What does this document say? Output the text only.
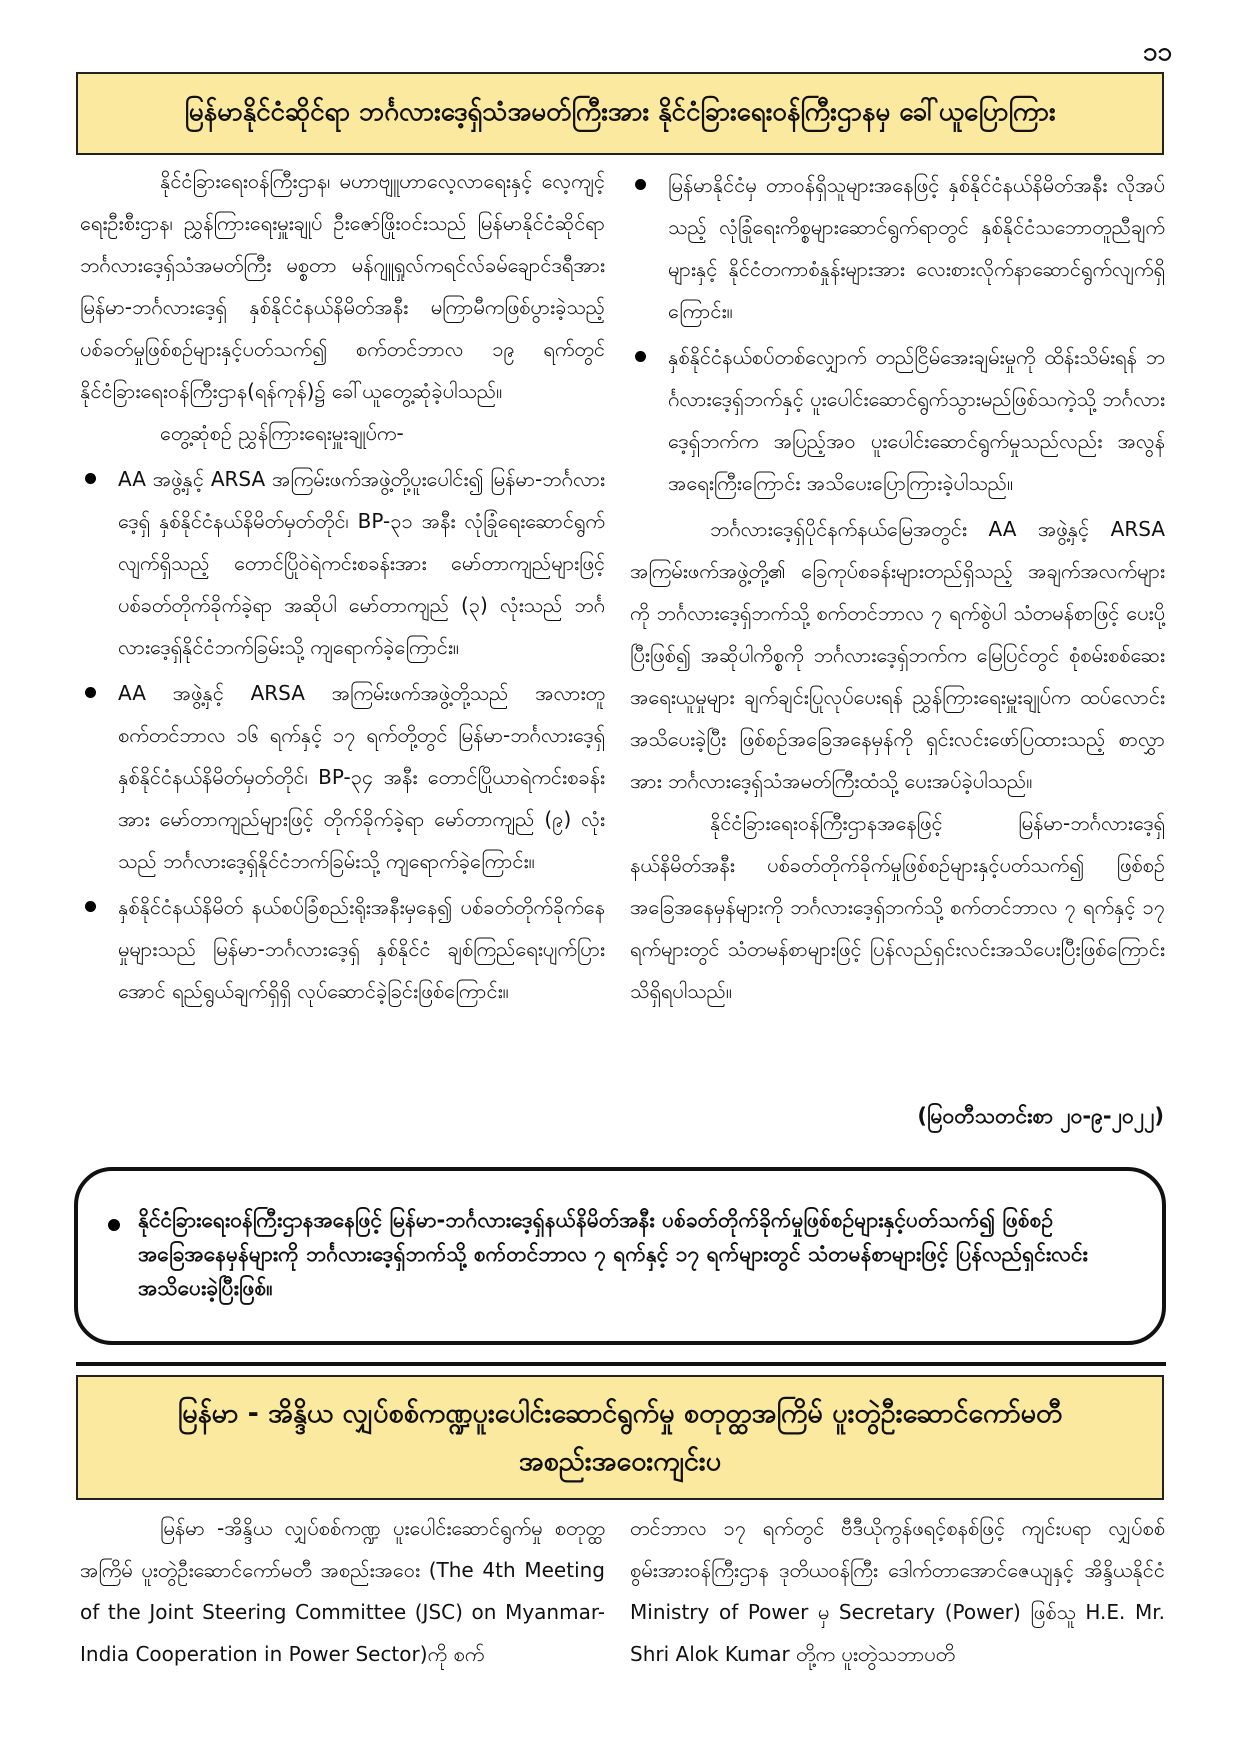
၁၁
မြန်မာနိုင်ငံဆိုင်ရာ ဘင်္ဂလားဒေ့ရှ်သံအမတ်ကြီးအား နိုင်ငံခြားရေးဝန်ကြီးဌာနမှ ခေါ်ယူပြောကြား

နိုင်ငံခြားရေးဝန်ကြီးဌာန၊ မဟာဗျူဟာလေ့လာရေးနှင့် လေ့ကျင့်ရေးဦးစီးဌာန၊ ညွှန်ကြားရေးမှူးချုပ် ဦးဇော်ဖြိုးဝင်းသည် မြန်မာနိုင်ငံဆိုင်ရာ ဘင်္ဂလားဒေ့ရှ်သံအမတ်ကြီး မစ္စတာ မန်ဂျူရှုလ်ကရင်လ်ခမ်ချောင်ဒရီအား မြန်မာ-ဘင်္ဂလားဒေ့ရှ် နှစ်နိုင်ငံနယ်နိမိတ်အနီး မကြာမီကဖြစ်ပွားခဲ့သည့် ပစ်ခတ်မှုဖြစ်စဉ်များနှင့်ပတ်သက်၍ စက်တင်ဘာလ ၁၉ ရက်တွင် နိုင်ငံခြားရေးဝန်ကြီးဌာန(ရန်ကုန်)၌ ခေါ်ယူတွေ့ဆုံခဲ့ပါသည်။

တွေ့ဆုံစဉ် ညွှန်ကြားရေးမှူးချုပ်က-

AA အဖွဲ့နှင့် ARSA အကြမ်းဖက်အဖွဲ့တို့ပူးပေါင်း၍ မြန်မာ-ဘင်္ဂလားဒေ့ရှ် နှစ်နိုင်ငံနယ်နိမိတ်မှတ်တိုင်၊ BP-၃၁ အနီး လုံခြုံရေးဆောင်ရွက်လျက်ရှိသည့် တောင်ပြိုဝဲရဲကင်းစခန်းအား မော်တာကျည်များဖြင့် ပစ်ခတ်တိုက်ခိုက်ခဲ့ရာ အဆိုပါ မော်တာကျည် (၃) လုံးသည် ဘင်္ဂလားဒေ့ရှ်နိုင်ငံဘက်ခြမ်းသို့ ကျရောက်ခဲ့ကြောင်း။
AA အဖွဲ့နှင့် ARSA အကြမ်းဖက်အဖွဲ့တို့သည် အလားတူ စက်တင်ဘာလ ၁၆ ရက်နှင့် ၁၇ ရက်တို့တွင် မြန်မာ-ဘင်္ဂလားဒေ့ရှ် နှစ်နိုင်ငံနယ်နိမိတ်မှတ်တိုင်၊ BP-၃၄ အနီး တောင်ပြိုယာရဲကင်းစခန်းအား မော်တာကျည်များဖြင့် တိုက်ခိုက်ခဲ့ရာ မော်တာကျည် (၉) လုံးသည် ဘင်္ဂလားဒေ့ရှ်နိုင်ငံဘက်ခြမ်းသို့ ကျရောက်ခဲ့ကြောင်း။
နှစ်နိုင်ငံနယ်နိမိတ် နယ်စပ်ခြံစည်းရိုးအနီးမှနေ၍ ပစ်ခတ်တိုက်ခိုက်နေမှုများသည် မြန်မာ-ဘင်္ဂလားဒေ့ရှ် နှစ်နိုင်ငံ ချစ်ကြည်ရေးပျက်ပြားအောင် ရည်ရွယ်ချက်ရှိရှိ လုပ်ဆောင်ခဲ့ခြင်းဖြစ်ကြောင်း။
မြန်မာနိုင်ငံမှ တာဝန်ရှိသူများအနေဖြင့် နှစ်နိုင်ငံနယ်နိမိတ်အနီး လိုအပ်သည့် လုံခြုံရေးကိစ္စများဆောင်ရွက်ရာတွင် နှစ်နိုင်ငံသဘောတူညီချက်များနှင့် နိုင်ငံတကာစံနှုန်းများအား လေးစားလိုက်နာဆောင်ရွက်လျက်ရှိကြောင်း။
နှစ်နိုင်ငံနယ်စပ်တစ်လျှောက် တည်ငြိမ်အေးချမ်းမှုကို ထိန်းသိမ်းရန် ဘင်္ဂလားဒေ့ရှ်ဘက်နှင့် ပူးပေါင်းဆောင်ရွက်သွားမည်ဖြစ်သကဲ့သို့ ဘင်္ဂလားဒေ့ရှ်ဘက်က အပြည့်အဝ ပူးပေါင်းဆောင်ရွက်မှုသည်လည်း အလွန်အရေးကြီးကြောင်း အသိပေးပြောကြားခဲ့ပါသည်။

ဘင်္ဂလားဒေ့ရှ်ပိုင်နက်နယ်မြေအတွင်း AA အဖွဲ့နှင့် ARSA အကြမ်းဖက်အဖွဲ့တို့၏ ခြေကုပ်စခန်းများတည်ရှိသည့် အချက်အလက်များကို ဘင်္ဂလားဒေ့ရှ်ဘက်သို့ စက်တင်ဘာလ ၇ ရက်စွဲပါ သံတမန်စာဖြင့် ပေးပို့ပြီးဖြစ်၍ အဆိုပါကိစ္စကို ဘင်္ဂလားဒေ့ရှ်ဘက်က မြေပြင်တွင် စုံစမ်းစစ်ဆေးအရေးယူမှုများ ချက်ချင်းပြုလုပ်ပေးရန် ညွှန်ကြားရေးမှူးချုပ်က ထပ်လောင်းအသိပေးခဲ့ပြီး ဖြစ်စဉ်အခြေအနေမှန်ကို ရှင်းလင်းဖော်ပြထားသည့် စာလွှာအား ဘင်္ဂလားဒေ့ရှ်သံအမတ်ကြီးထံသို့ ပေးအပ်ခဲ့ပါသည်။

နိုင်ငံခြားရေးဝန်ကြီးဌာနအနေဖြင့် မြန်မာ-ဘင်္ဂလားဒေ့ရှ် နယ်နိမိတ်အနီး ပစ်ခတ်တိုက်ခိုက်မှုဖြစ်စဉ်များနှင့်ပတ်သက်၍ ဖြစ်စဉ်အခြေအနေမှန်များကို ဘင်္ဂလားဒေ့ရှ်ဘက်သို့ စက်တင်ဘာလ ၇ ရက်နှင့် ၁၇ ရက်များတွင် သံတမန်စာများဖြင့် ပြန်လည်ရှင်းလင်းအသိပေးပြီးဖြစ်ကြောင်း သိရှိရပါသည်။

(မြဝတီသတင်းစာ ၂၀-၉-၂၀၂၂)
နိုင်ငံခြားရေးဝန်ကြီးဌာနအနေဖြင့် မြန်မာ-ဘင်္ဂလားဒေ့ရှ်နယ်နိမိတ်အနီး ပစ်ခတ်တိုက်ခိုက်မှုဖြစ်စဉ်များနှင့်ပတ်သက်၍ ဖြစ်စဉ်အခြေအနေမှန်များကို ဘင်္ဂလားဒေ့ရှ်ဘက်သို့ စက်တင်ဘာလ ၇ ရက်နှင့် ၁၇ ရက်များတွင် သံတမန်စာများဖြင့် ပြန်လည်ရှင်းလင်းအသိပေးခဲ့ပြီးဖြစ်။
မြန်မာ - အိန္ဒိယ လျှပ်စစ်ကဏ္ဍပူးပေါင်းဆောင်ရွက်မှု စတုတ္ထအကြိမ် ပူးတွဲဦးဆောင်ကော်မတီ အစည်းအဝေးကျင်းပ

မြန်မာ -အိန္ဒိယ လျှပ်စစ်ကဏ္ဍ ပူးပေါင်းဆောင်ရွက်မှု စတုတ္ထအကြိမ် ပူးတွဲဦးဆောင်ကော်မတီ အစည်းအဝေး (The 4th Meeting of the Joint Steering Committee (JSC) on Myanmar-India Cooperation in Power Sector)ကို စက်

တင်ဘာလ ၁၇ ရက်တွင် ဗီဒီယိုကွန်ဖရင့်စနစ်ဖြင့် ကျင်းပရာ လျှပ်စစ်စွမ်းအားဝန်ကြီးဌာန ဒုတိယဝန်ကြီး ဒေါက်တာအောင်ဇေယျနှင့် အိန္ဒိယနိုင်ငံ Ministry of Power မှ Secretary (Power) ဖြစ်သူ H.E. Mr. Shri Alok Kumar တို့က ပူးတွဲသဘာပတိ
